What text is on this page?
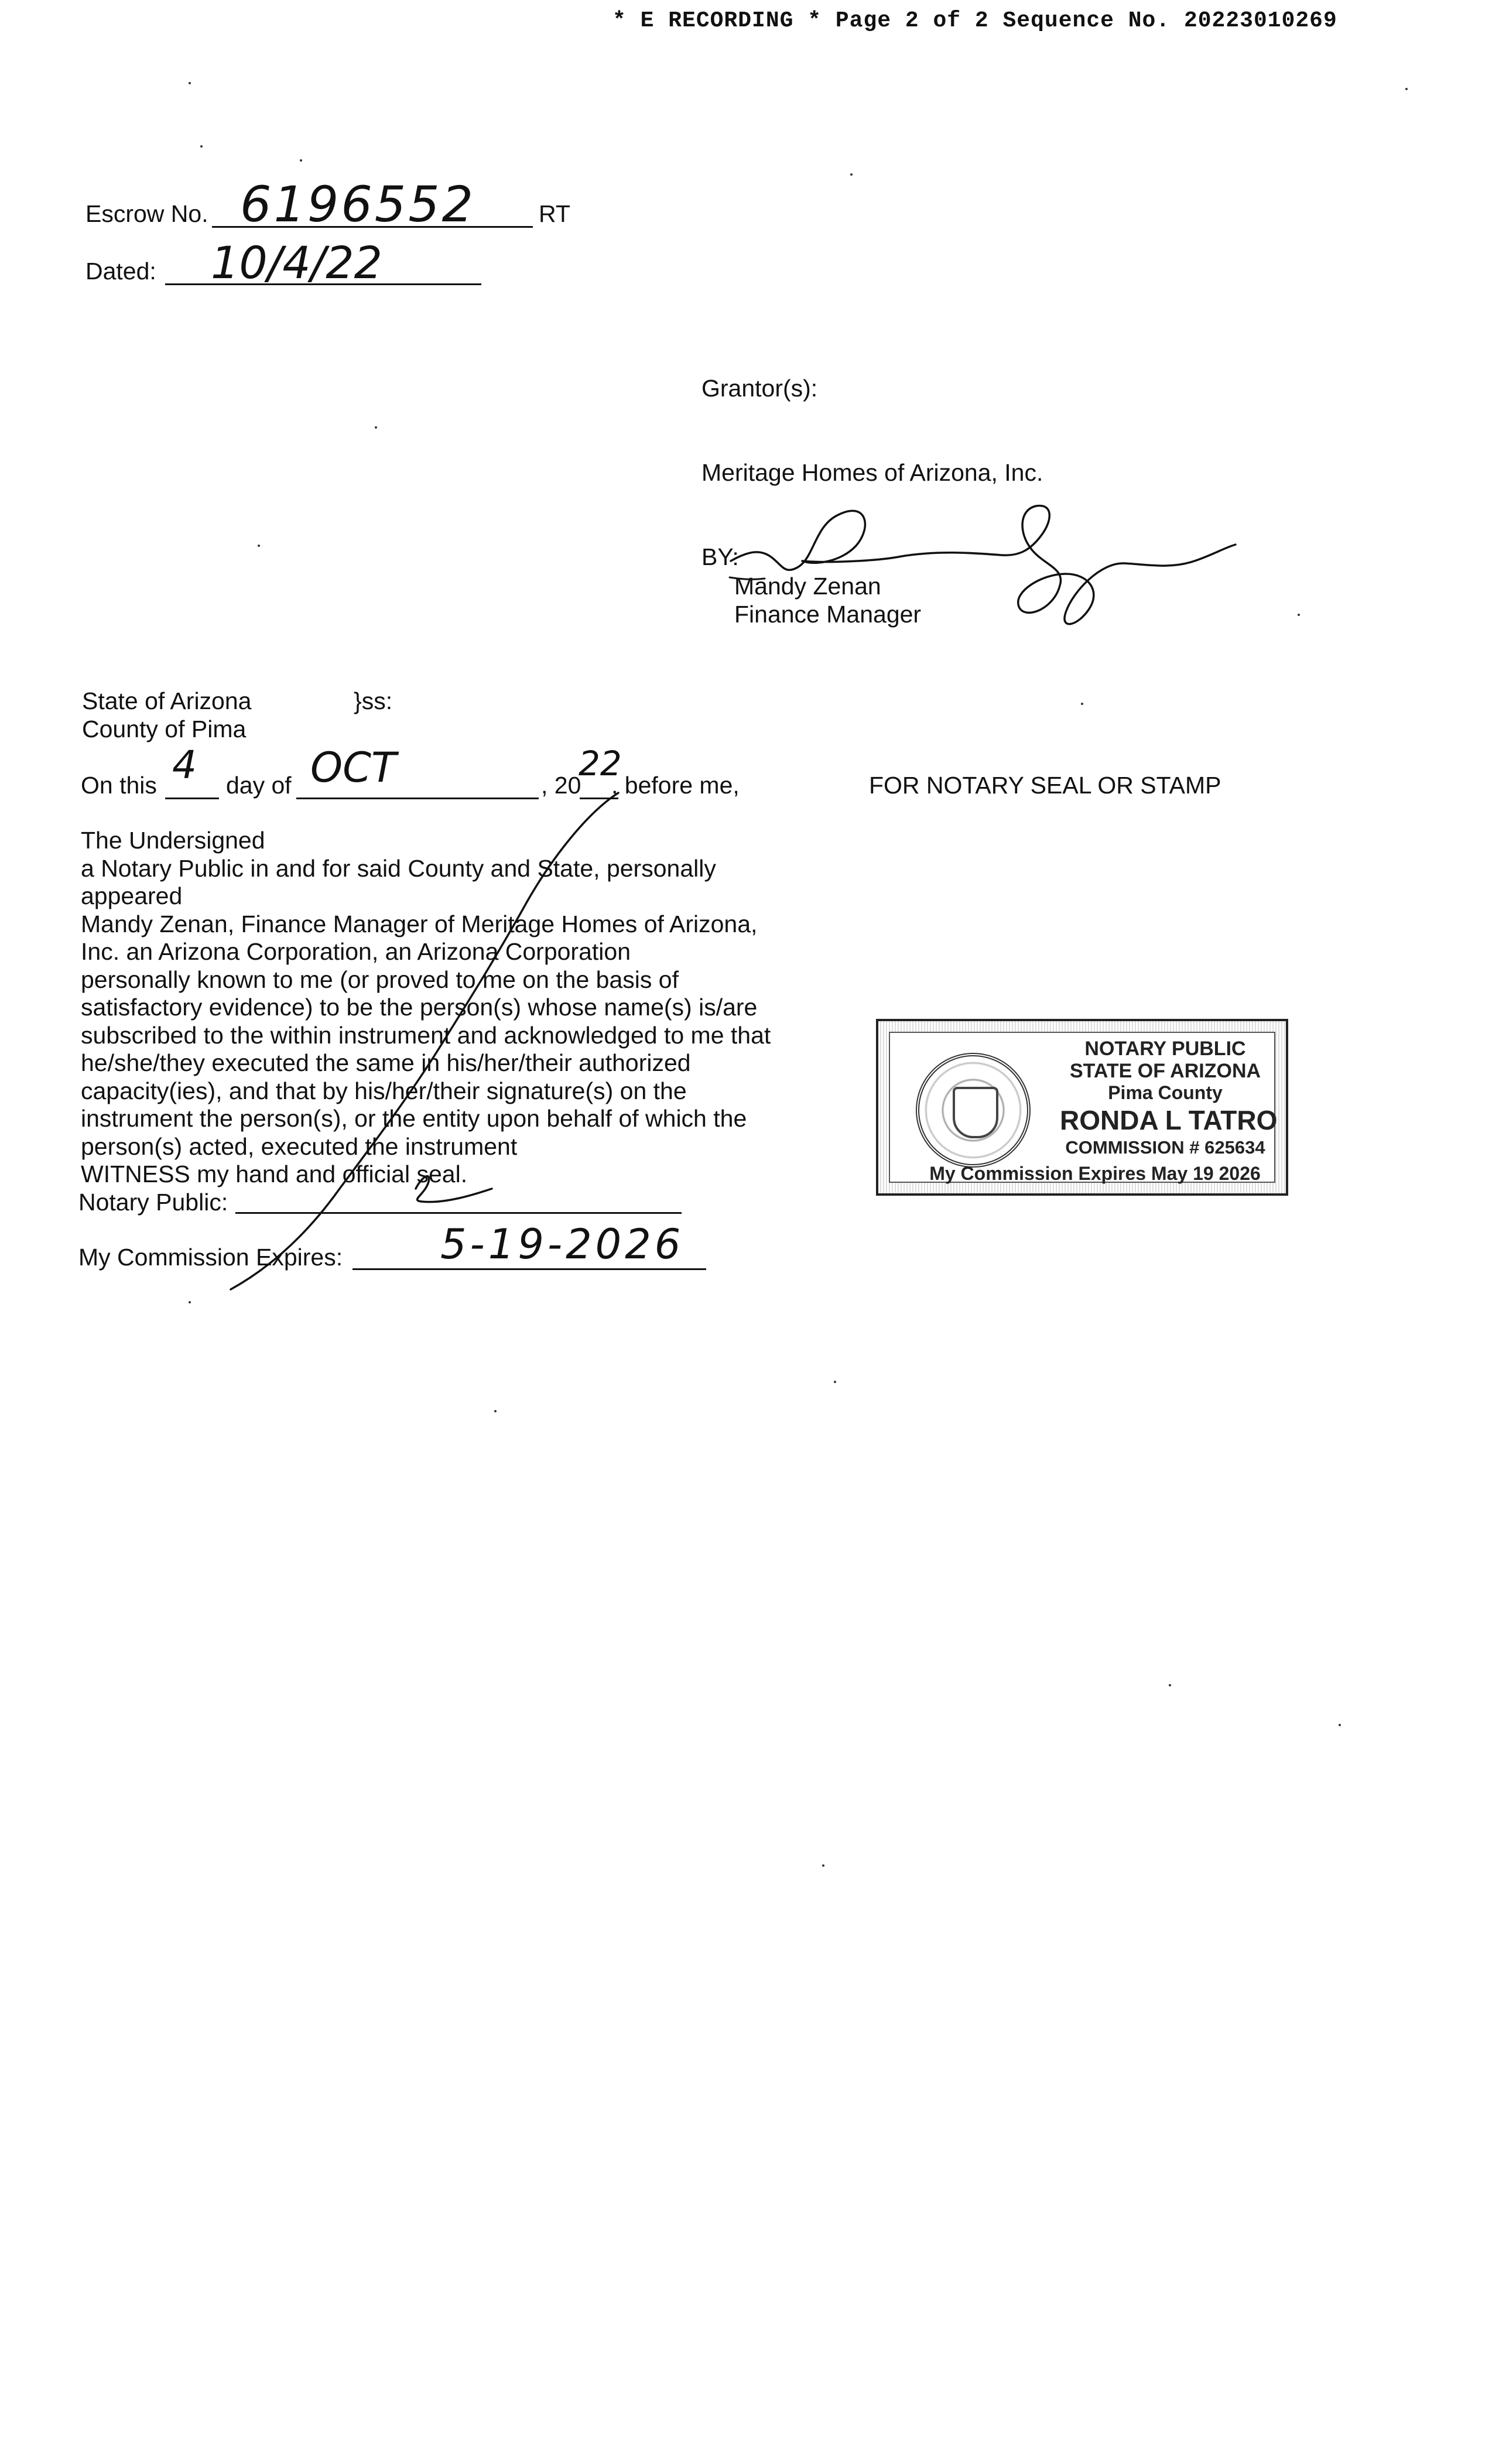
* E RECORDING * Page 2 of 2 Sequence No. 20223010269
Escrow No. 6196552	RT
Dated: 10/4/22
Grantor(s):
Meritage Homes of Arizona, Inc.
BY:
Mandy Zenan
Finance Manager
State of Arizona	}ss:
County of Pima
On this 4 day of OCT	, 20
22
, before me,
The Undersigned
a Notary Public in and for said County and State, personally
appeared
Mandy Zenan, Finance Manager of Meritage Homes of Arizona,
Inc. an Arizona Corporation, an Arizona Corporation
personally known to me (or proved to me on the basis of
satisfactory evidence) to be the person(s) whose name(s) is/are
subscribed to the within instrument and acknowledged to me that
he/she/they executed the same in his/her/their authorized
capacity(ies), and that by his/her/their signature(s) on the
instrument the person(s), or the entity upon behalf of which the
person(s) acted, executed the instrument
WITNESS my hand and official seal.
Notary Public:
My Commission Expires: 5-19-2026
FOR NOTARY SEAL OR STAMP
NOTARY PUBLIC
STATE OF ARIZONA
Pima County
RONDA L TATRO
COMMISSION # 625634
My Commission Expires May 19 2026
